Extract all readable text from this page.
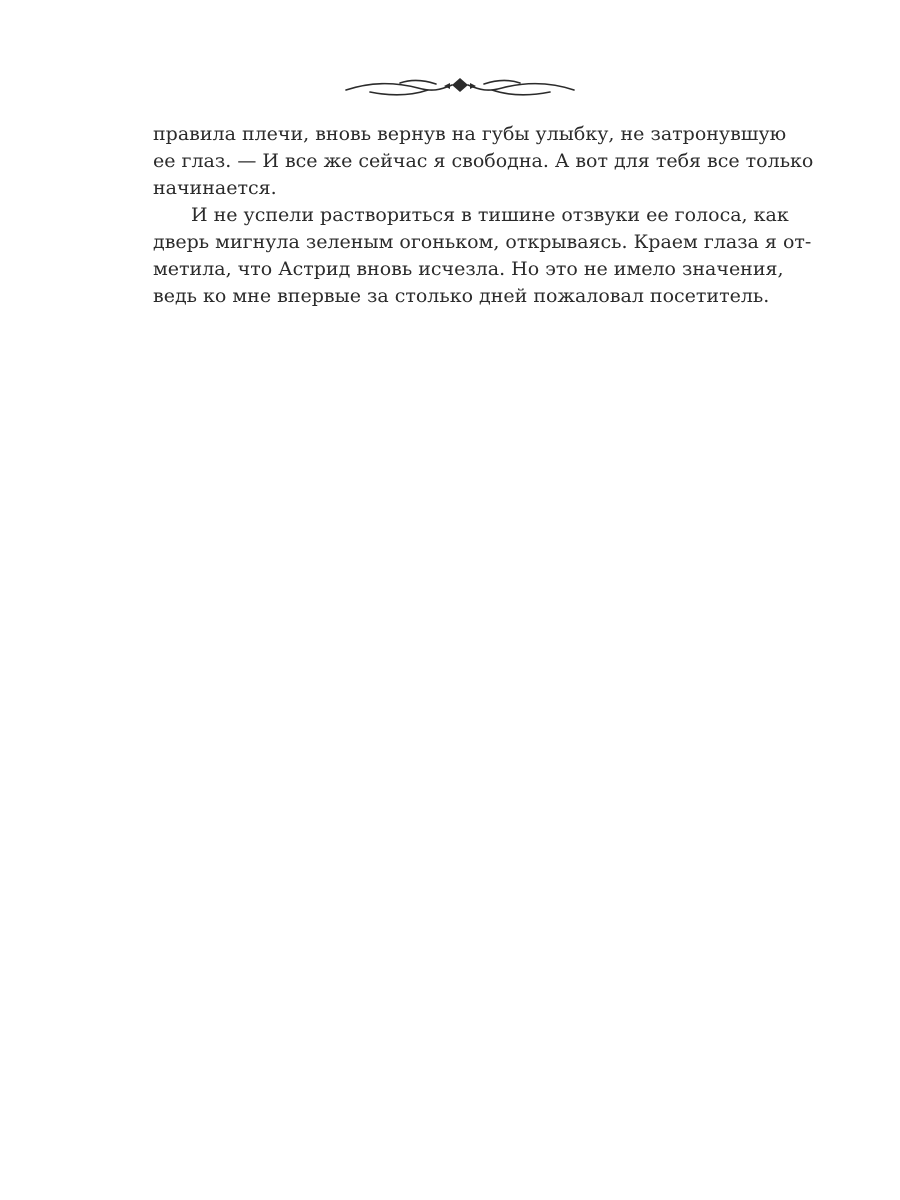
правила плечи, вновь вернув на губы улыбку, не затронувшую
ее глаз. — И все же сейчас я свободна. А вот для тебя все только
начинается.
И не успели раствориться в тишине отзвуки ее голоса, как
дверь мигнула зеленым огоньком, открываясь. Краем глаза я от-
метила, что Астрид вновь исчезла. Но это не имело значения,
ведь ко мне впервые за столько дней пожаловал посетитель.
